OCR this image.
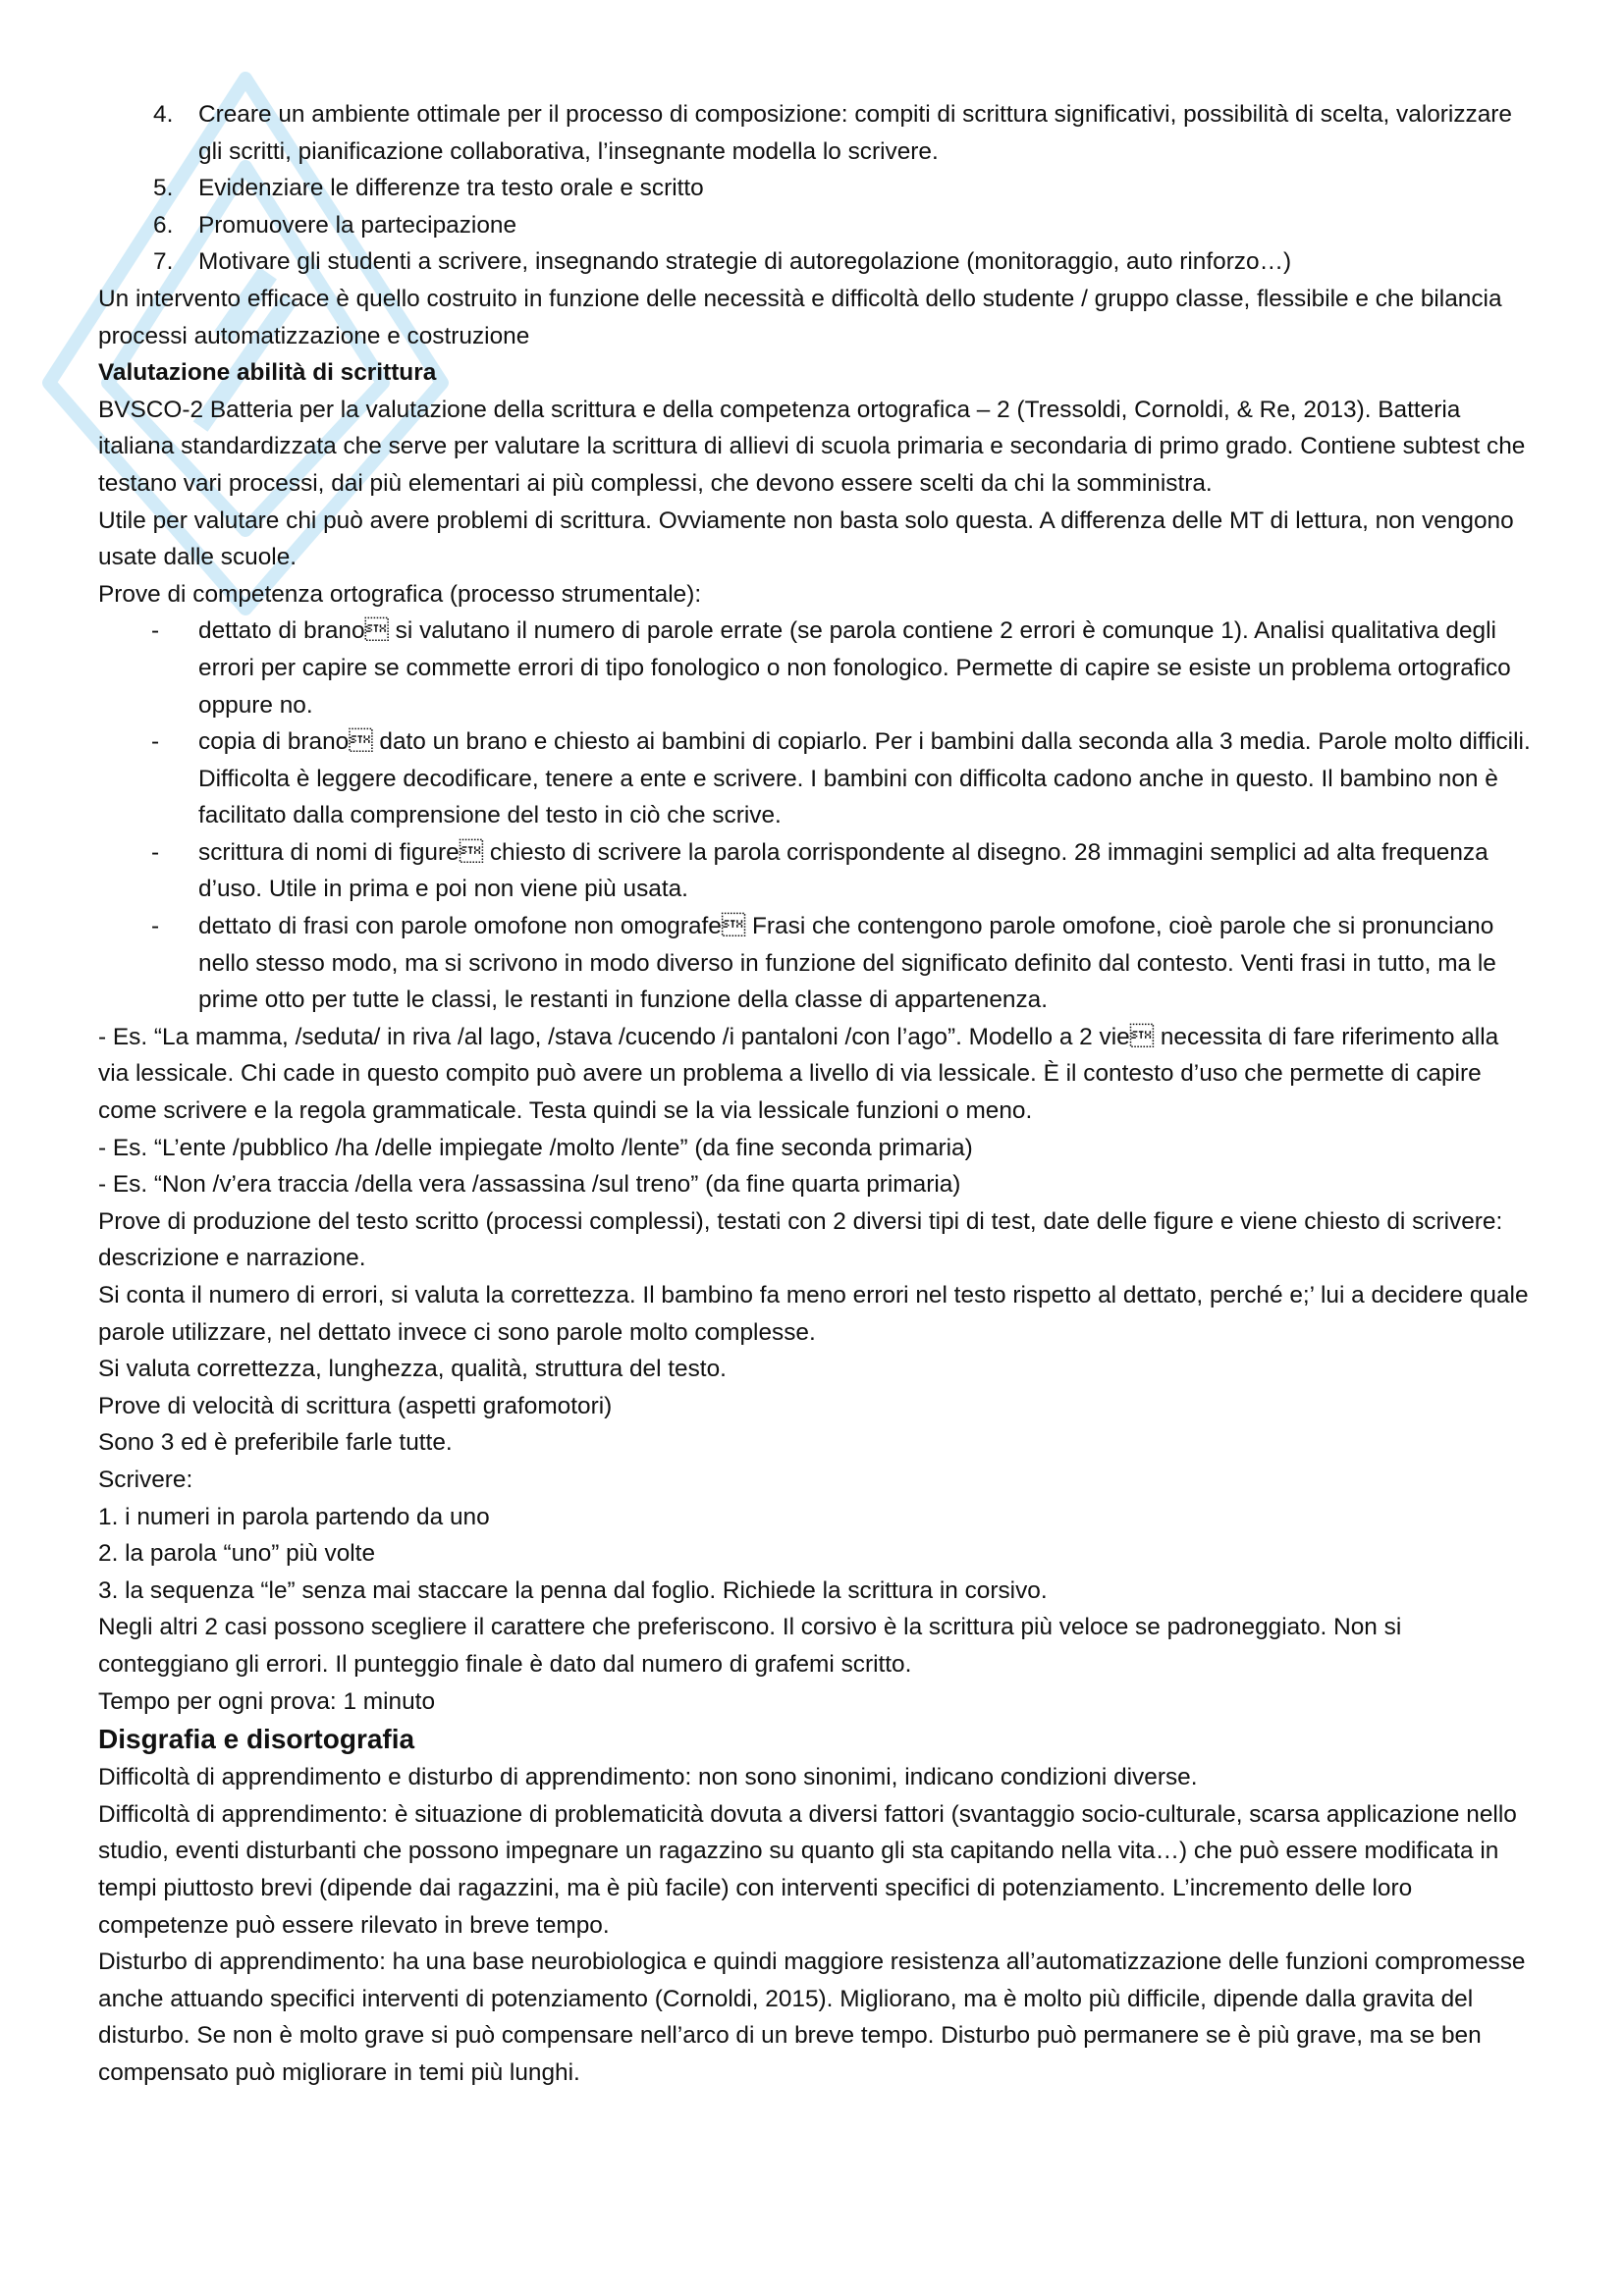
4. Creare un ambiente ottimale per il processo di composizione: compiti di scrittura significativi, possibilità di scelta, valorizzare gli scritti, pianificazione collaborativa, l’insegnante modella lo scrivere.
5. Evidenziare le differenze tra testo orale e scritto
6. Promuovere la partecipazione
7. Motivare gli studenti a scrivere, insegnando strategie di autoregolazione (monitoraggio, auto rinforzo…)

Un intervento efficace è quello costruito in funzione delle necessità e difficoltà dello studente / gruppo classe, flessibile e che bilancia processi automatizzazione e costruzione

Valutazione abilità di scrittura

BVSCO-2 Batteria per la valutazione della scrittura e della competenza ortografica – 2 (Tressoldi, Cornoldi, & Re, 2013). Batteria italiana standardizzata che serve per valutare la scrittura di allievi di scuola primaria e secondaria di primo grado. Contiene subtest che testano vari processi, dai più elementari ai più complessi, che devono essere scelti da chi la somministra.

Utile per valutare chi può avere problemi di scrittura. Ovviamente non basta solo questa. A differenza delle MT di lettura, non vengono usate dalle scuole.

Prove di competenza ortografica (processo strumentale):

- dettato di brano si valutano il numero di parole errate (se parola contiene 2 errori è comunque 1). Analisi qualitativa degli errori per capire se commette errori di tipo fonologico o non fonologico. Permette di capire se esiste un problema ortografico oppure no.
- copia di brano dato un brano e chiesto ai bambini di copiarlo. Per i bambini dalla seconda alla 3 media. Parole molto difficili. Difficolta è leggere decodificare, tenere a ente e scrivere. I bambini con difficolta cadono anche in questo. Il bambino non è facilitato dalla comprensione del testo in ciò che scrive.
- scrittura di nomi di figure chiesto di scrivere la parola corrispondente al disegno. 28 immagini semplici ad alta frequenza d’uso. Utile in prima e poi non viene più usata.
- dettato di frasi con parole omofone non omografe Frasi che contengono parole omofone, cioè parole che si pronunciano nello stesso modo, ma si scrivono in modo diverso in funzione del significato definito dal contesto. Venti frasi in tutto, ma le prime otto per tutte le classi, le restanti in funzione della classe di appartenenza.

- Es. “La mamma, /seduta/ in riva /al lago, /stava /cucendo /i pantaloni /con l’ago”. Modello a 2 vie necessita di fare riferimento alla via lessicale. Chi cade in questo compito può avere un problema a livello di via lessicale. È il contesto d’uso che permette di capire come scrivere e la regola grammaticale. Testa quindi se la via lessicale funzioni o meno.

- Es. “L’ente /pubblico /ha /delle impiegate /molto /lente” (da fine seconda primaria)

- Es. “Non /v’era traccia /della vera /assassina /sul treno” (da fine quarta primaria)

Prove di produzione del testo scritto (processi complessi), testati con 2 diversi tipi di test, date delle figure e viene chiesto di scrivere: descrizione e narrazione.

Si conta il numero di errori, si valuta la correttezza. Il bambino fa meno errori nel testo rispetto al dettato, perché e;’ lui a decidere quale parole utilizzare, nel dettato invece ci sono parole molto complesse.

Si valuta correttezza, lunghezza, qualità, struttura del testo.

Prove di velocità di scrittura (aspetti grafomotori)

Sono 3 ed è preferibile farle tutte.

Scrivere:

1. i numeri in parola partendo da uno

2. la parola “uno” più volte

3. la sequenza “le” senza mai staccare la penna dal foglio. Richiede la scrittura in corsivo.

Negli altri 2 casi possono scegliere il carattere che preferiscono. Il corsivo è la scrittura più veloce se padroneggiato. Non si conteggiano gli errori. Il punteggio finale è dato dal numero di grafemi scritto.

Tempo per ogni prova: 1 minuto

Disgrafia e disortografia

Difficoltà di apprendimento e disturbo di apprendimento: non sono sinonimi, indicano condizioni diverse.

Difficoltà di apprendimento: è situazione di problematicità dovuta a diversi fattori (svantaggio socio-culturale, scarsa applicazione nello studio, eventi disturbanti che possono impegnare un ragazzino su quanto gli sta capitando nella vita…) che può essere modificata in tempi piuttosto brevi (dipende dai ragazzini, ma è più facile) con interventi specifici di potenziamento. L’incremento delle loro competenze può essere rilevato in breve tempo.

Disturbo di apprendimento: ha una base neurobiologica e quindi maggiore resistenza all’automatizzazione delle funzioni compromesse anche attuando specifici interventi di potenziamento (Cornoldi, 2015). Migliorano, ma è molto più difficile, dipende dalla gravita del disturbo. Se non è molto grave si può compensare nell’arco di un breve tempo. Disturbo può permanere se è più grave, ma se ben compensato può migliorare in temi più lunghi.
